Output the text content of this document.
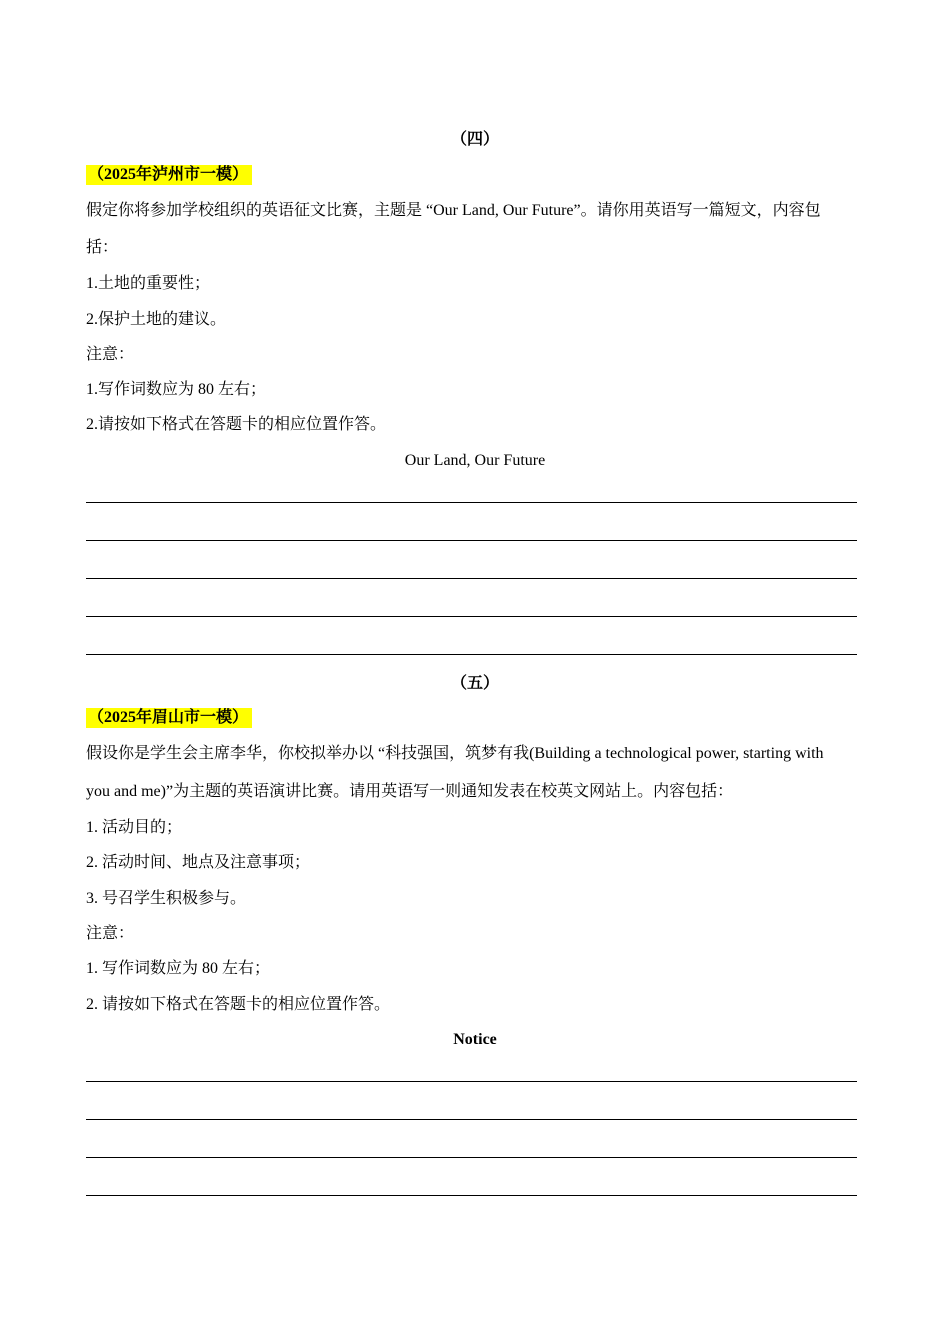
（四）
（2025年泸州市一模）
假定你将参加学校组织的英语征文比赛，主题是 “Our Land, Our Future”。请你用英语写一篇短文，内容包
括：
1.土地的重要性；
2.保护土地的建议。
注意：
1.写作词数应为 80 左右；
2.请按如下格式在答题卡的相应位置作答。
Our Land, Our Future
（五）
（2025年眉山市一模）
假设你是学生会主席李华，你校拟举办以 “科技强国，筑梦有我(Building a technological power, starting with
you and me)”为主题的英语演讲比赛。请用英语写一则通知发表在校英文网站上。内容包括：
1. 活动目的；
2. 活动时间、地点及注意事项；
3. 号召学生积极参与。
注意：
1. 写作词数应为 80 左右；
2. 请按如下格式在答题卡的相应位置作答。
Notice
